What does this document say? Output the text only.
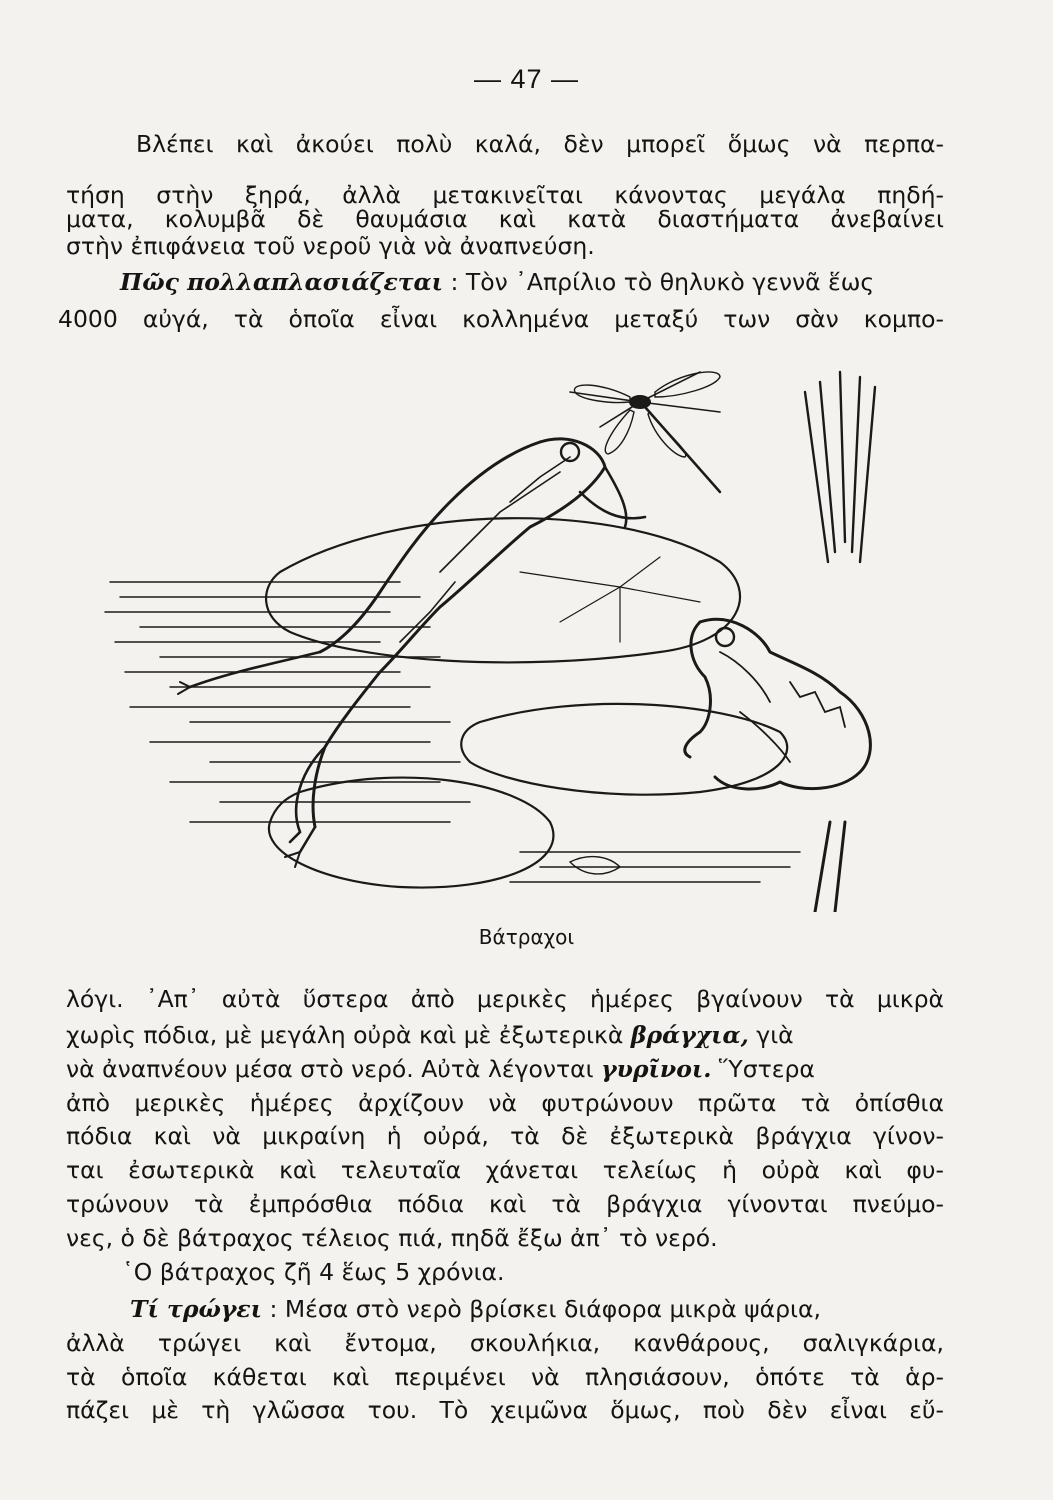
— 47 —
Βλέπει καὶ ἀκούει πολὺ καλά, δὲν μπορεῖ ὅμως νὰ περπα-
τήση στὴν ξηρά, ἀλλὰ μετακινεῖται κάνοντας μεγάλα πηδή-
ματα, κολυμβᾶ δὲ θαυμάσια καὶ κατὰ διαστήματα ἀνεβαίνει
στὴν ἐπιφάνεια τοῦ νεροῦ γιὰ νὰ ἀναπνεύση.
Πῶς πολλαπλασιάζεται : Τὸν ᾿Απρίλιο τὸ θηλυκὸ γεννᾶ ἕως
4000 αὐγά, τὰ ὁποῖα εἶναι κολλημένα μεταξύ των σὰν κομπο-
Βάτραχοι
λόγι. ᾿Απ᾿ αὐτὰ ὕστερα ἀπὸ μερικὲς ἡμέρες βγαίνουν τὰ μικρὰ
χωρὶς πόδια, μὲ μεγάλη οὐρὰ καὶ μὲ ἐξωτερικὰ βράγχια, γιὰ
νὰ ἀναπνέουν μέσα στὸ νερό. Αὐτὰ λέγονται γυρῖνοι. Ὕστερα
ἀπὸ μερικὲς ἡμέρες ἀρχίζουν νὰ φυτρώνουν πρῶτα τὰ ὀπίσθια
πόδια καὶ νὰ μικραίνη ἡ οὐρά, τὰ δὲ ἐξωτερικὰ βράγχια γίνον-
ται ἐσωτερικὰ καὶ τελευταῖα χάνεται τελείως ἡ οὐρὰ καὶ φυ-
τρώνουν τὰ ἐμπρόσθια πόδια καὶ τὰ βράγχια γίνονται πνεύμο-
νες, ὁ δὲ βάτραχος τέλειος πιά, πηδᾶ ἔξω ἀπ᾿ τὸ νερό.
῾Ο βάτραχος ζῆ 4 ἕως 5 χρόνια.
Τί τρώγει : Μέσα στὸ νερὸ βρίσκει διάφορα μικρὰ ψάρια,
ἀλλὰ τρώγει καὶ ἔντομα, σκουλήκια, κανθάρους, σαλιγκάρια,
τὰ ὁποῖα κάθεται καὶ περιμένει νὰ πλησιάσουν, ὁπότε τὰ ἁρ-
πάζει μὲ τὴ γλῶσσα του. Τὸ χειμῶνα ὅμως, ποὺ δὲν εἶναι εὔ-
